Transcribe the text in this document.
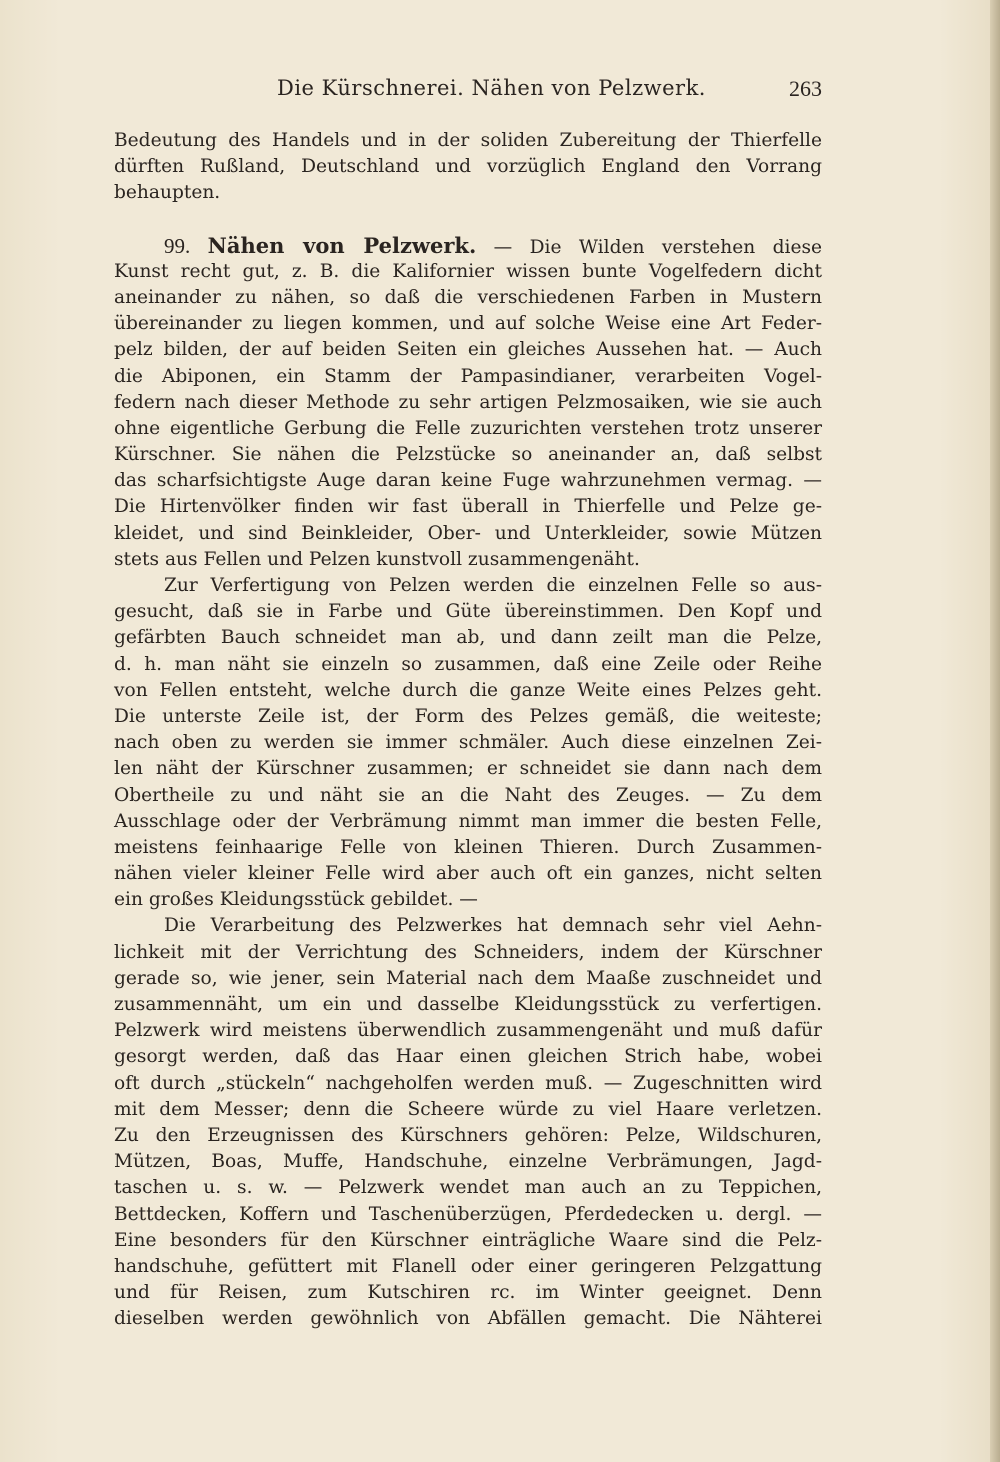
Die Kürschnerei. Nähen von Pelzwerk.	263
Bedeutung des Handels und in der soliden Zubereitung der Thierfelle
dürften Rußland, Deutschland und vorzüglich England den Vorrang
behaupten.
99. Nähen von Pelzwerk. — Die Wilden verstehen diese
Kunst recht gut, z. B. die Kalifornier wissen bunte Vogelfedern dicht
aneinander zu nähen, so daß die verschiedenen Farben in Mustern
übereinander zu liegen kommen, und auf solche Weise eine Art Feder-
pelz bilden, der auf beiden Seiten ein gleiches Aussehen hat. — Auch
die Abiponen, ein Stamm der Pampasindianer, verarbeiten Vogel-
federn nach dieser Methode zu sehr artigen Pelzmosaiken, wie sie auch
ohne eigentliche Gerbung die Felle zuzurichten verstehen trotz unserer
Kürschner. Sie nähen die Pelzstücke so aneinander an, daß selbst
das scharfsichtigste Auge daran keine Fuge wahrzunehmen vermag. —
Die Hirtenvölker finden wir fast überall in Thierfelle und Pelze ge-
kleidet, und sind Beinkleider, Ober- und Unterkleider, sowie Mützen
stets aus Fellen und Pelzen kunstvoll zusammengenäht.
Zur Verfertigung von Pelzen werden die einzelnen Felle so aus-
gesucht, daß sie in Farbe und Güte übereinstimmen. Den Kopf und
gefärbten Bauch schneidet man ab, und dann zeilt man die Pelze,
d. h. man näht sie einzeln so zusammen, daß eine Zeile oder Reihe
von Fellen entsteht, welche durch die ganze Weite eines Pelzes geht.
Die unterste Zeile ist, der Form des Pelzes gemäß, die weiteste;
nach oben zu werden sie immer schmäler. Auch diese einzelnen Zei-
len näht der Kürschner zusammen; er schneidet sie dann nach dem
Obertheile zu und näht sie an die Naht des Zeuges. — Zu dem
Ausschlage oder der Verbrämung nimmt man immer die besten Felle,
meistens feinhaarige Felle von kleinen Thieren. Durch Zusammen-
nähen vieler kleiner Felle wird aber auch oft ein ganzes, nicht selten
ein großes Kleidungsstück gebildet. —
Die Verarbeitung des Pelzwerkes hat demnach sehr viel Aehn-
lichkeit mit der Verrichtung des Schneiders, indem der Kürschner
gerade so, wie jener, sein Material nach dem Maaße zuschneidet und
zusammennäht, um ein und dasselbe Kleidungsstück zu verfertigen.
Pelzwerk wird meistens überwendlich zusammengenäht und muß dafür
gesorgt werden, daß das Haar einen gleichen Strich habe, wobei
oft durch „stückeln“ nachgeholfen werden muß. — Zugeschnitten wird
mit dem Messer; denn die Scheere würde zu viel Haare verletzen.
Zu den Erzeugnissen des Kürschners gehören: Pelze, Wildschuren,
Mützen, Boas, Muffe, Handschuhe, einzelne Verbrämungen, Jagd-
taschen u. s. w. — Pelzwerk wendet man auch an zu Teppichen,
Bettdecken, Koffern und Taschenüberzügen, Pferdedecken u. dergl. —
Eine besonders für den Kürschner einträgliche Waare sind die Pelz-
handschuhe, gefüttert mit Flanell oder einer geringeren Pelzgattung
und für Reisen, zum Kutschiren rc. im Winter geeignet. Denn
dieselben werden gewöhnlich von Abfällen gemacht. Die Nähterei
